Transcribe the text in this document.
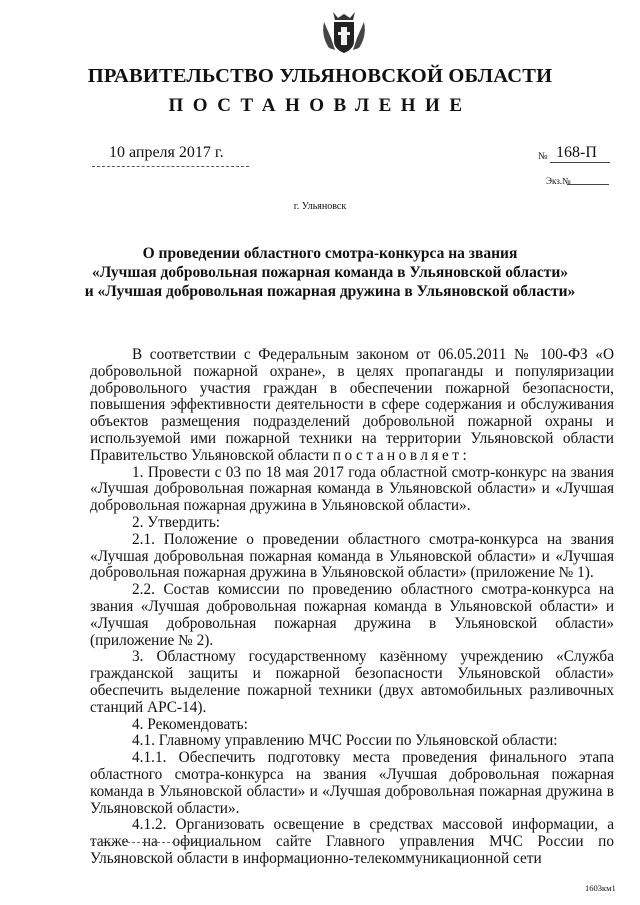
ПРАВИТЕЛЬСТВО УЛЬЯНОВСКОЙ ОБЛАСТИ
ПОСТАНОВЛЕНИЕ
10 апреля 2017 г.	№ 168-П
Экз.№
г. Ульяновск
О проведении областного смотра-конкурса на звания
«Лучшая добровольная пожарная команда в Ульяновской области»
и «Лучшая добровольная пожарная дружина в Ульяновской области»

В соответствии с Федеральным законом от 06.05.2011 № 100-ФЗ «О добровольной пожарной охране», в целях пропаганды и популяризации добровольного участия граждан в обеспечении пожарной безопасности, повышения эффективности деятельности в сфере содержания и обслуживания объектов размещения подразделений добровольной пожарной охраны и используемой ими пожарной техники на территории Ульяновской области Правительство Ульяновской области постановляет:

1. Провести с 03 по 18 мая 2017 года областной смотр-конкурс на звания «Лучшая добровольная пожарная команда в Ульяновской области» и «Лучшая добровольная пожарная дружина в Ульяновской области».

2. Утвердить:

2.1. Положение о проведении областного смотра-конкурса на звания «Лучшая добровольная пожарная команда в Ульяновской области» и «Лучшая добровольная пожарная дружина в Ульяновской области» (приложение № 1).

2.2. Состав комиссии по проведению областного смотра-конкурса на звания «Лучшая добровольная пожарная команда в Ульяновской области» и «Лучшая добровольная пожарная дружина в Ульяновской области» (приложение № 2).

3. Областному государственному казённому учреждению «Служба гражданской защиты и пожарной безопасности Ульяновской области» обеспечить выделение пожарной техники (двух автомобильных разливочных станций АРС-14).

4. Рекомендовать:

4.1. Главному управлению МЧС России по Ульяновской области:

4.1.1. Обеспечить подготовку места проведения финального этапа областного смотра-конкурса на звания «Лучшая добровольная пожарная команда в Ульяновской области» и «Лучшая добровольная пожарная дружина в Ульяновской области».

4.1.2. Организовать освещение в средствах массовой информации, а также на официальном сайте Главного управления МЧС России по Ульяновской области в информационно-телекоммуникационной сети

1603км1
